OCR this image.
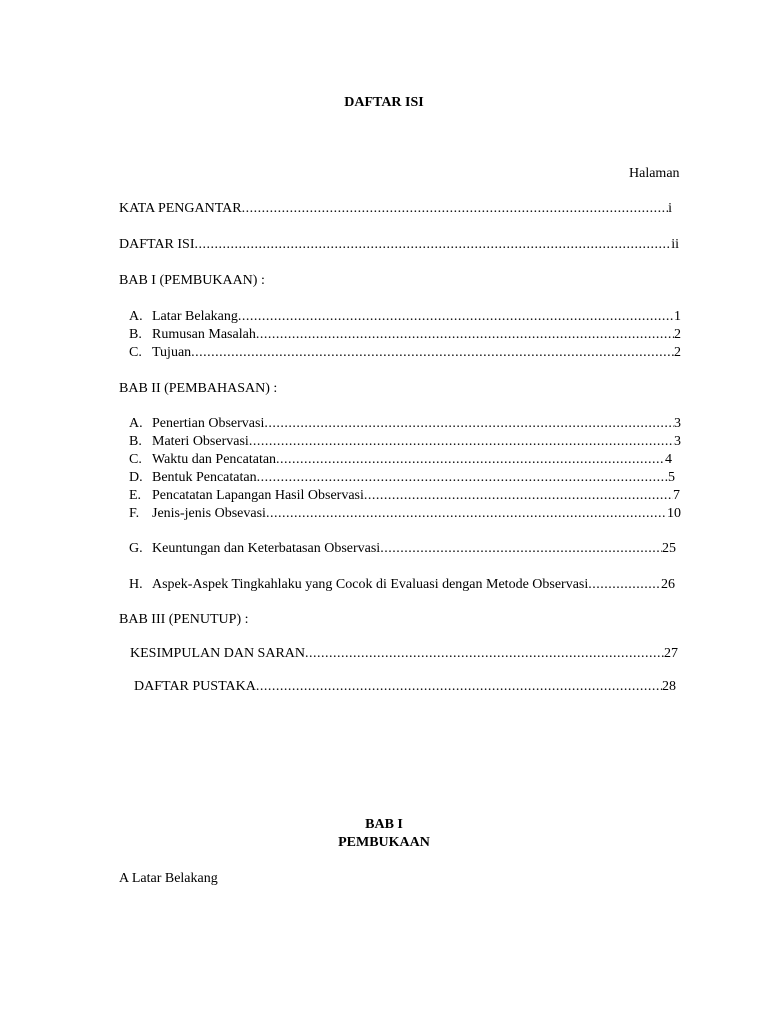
DAFTAR ISI
Halaman
KATA PENGANTAR .....	i
DAFTAR ISI .....	ii
BAB I (PEMBUKAAN) :
A. Latar Belakang .....	1
B. Rumusan Masalah .....	2
C. Tujuan .....	2
BAB II (PEMBAHASAN) :
A. Penertian Observasi .....	3
B. Materi Observasi .....	3
C. Waktu dan Pencatatan .....	4
D. Bentuk Pencatatan .....	5
E. Pencatatan Lapangan Hasil Observasi .....	7
F. Jenis-jenis Obsevasi .....	10
G. Keuntungan dan Keterbatasan Observasi .....	25
H. Aspek-Aspek Tingkahlaku yang Cocok di Evaluasi dengan Metode Observasi .....	26
BAB III (PENUTUP) :
KESIMPULAN DAN SARAN .....	27
DAFTAR PUSTAKA .....	28
BAB I
PEMBUKAAN
A Latar Belakang
